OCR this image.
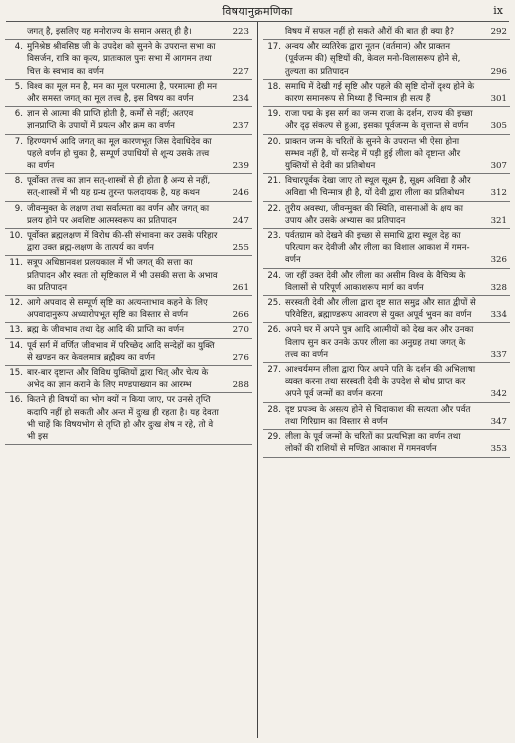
विषयानुक्रमणिका	ix
जगत् है, इसलिए यह मनोराज्य के समान असत् ही है।	223
4. मुनिश्रेष्ठ श्रीवसिष्ठ जी के उपदेश को सुनने के उपरान्त सभा का विसर्जन, रात्रि का कृत्य, प्रातःकाल पुनः सभा में आगमन तथा चित्त के स्वभाव का वर्णन	227
5. विश्व का मूल मन है, मन का मूल परमात्मा है, परमात्मा ही मन और समस्त जगत् का मूल तत्त्व है, इस विषय का वर्णन	234
6. ज्ञान से आत्मा की प्राप्ति होती है, कर्मों से नहीं; अतएव ज्ञानप्राप्ति के उपायों में प्रयत्न और क्रम का वर्णन	237
7. हिरण्यगर्भ आदि जगत् का मूल कारणभूत जिस देवाधिदेव का पहले वर्णन हो चुका है, सम्पूर्ण उपाधियों से शून्य उसके तत्त्व का वर्णन	239
8. पूर्वोक्त तत्त्व का ज्ञान सत्-शास्त्रों से ही होता है अन्य से नहीं, सत्-शास्त्रों में भी यह ग्रन्थ तुरन्त फलदायक है, यह कथन	246
9. जीवन्मुक्त के लक्षण तथा सर्वात्मता का वर्णन और जगत् का प्रलय होने पर अवशिष्ट आत्मस्वरूप का प्रतिपादन	247
10. पूर्वोक्त ब्रह्मलक्षण में विरोध की-सी संभावना कर उसके परिहार द्वारा उक्त ब्रह्म-लक्षण के तात्पर्य का वर्णन	255
11. सत्रूप अधिष्ठानवश प्रलयकाल में भी जगत् की सत्ता का प्रतिपादन और स्वतः तो सृष्टिकाल में भी उसकी सत्ता के अभाव का प्रतिपादन	261
12. आगे अपवाद से सम्पूर्ण सृष्टि का अत्यन्ताभाव कहने के लिए अपवादानुरूप अध्यारोपभूत सृष्टि का विस्तार से वर्णन	266
13. ब्रह्म के जीवभाव तथा देह आदि की प्राप्ति का वर्णन	270
14. पूर्व सर्ग में वर्णित जीवभाव में परिच्छेद आदि सन्देहों का युक्ति से खण्डन कर केवलमात्र ब्रह्मैक्य का वर्णन	276
15. बार-बार दृष्टान्त और विविध युक्तियों द्वारा चित् और चेत्य के अभेद का ज्ञान कराने के लिए मण्डपाख्यान का आरम्भ	288
16. कितने ही विषयों का भोग क्यों न किया जाए, पर उनसे तृप्ति कदापि नहीं हो सकती और अन्त में दुःख ही रहता है। यह देवता भी चाहें कि विषयभोग से तृप्ति हो और दुःख शेष न रहे, तो वे भी इस
विषय में सफल नहीं हो सकते औरों की बात ही क्या है?	292
17. अन्वय और व्यतिरेक द्वारा नूतन (वर्तमान) और प्राक्तन (पूर्वजन्म की) सृष्टियों की, केवल मनो-विलासरूप होने से, तुल्यता का प्रतिपादन	296
18. समाधि में देखी गई सृष्टि और पहले की सृष्टि दोनों दृश्य होने के कारण समानरूप से मिथ्या हैं चिन्मात्र ही सत्य हैं	301
19. राजा पद्म के इस सर्ग का जन्म राजा के दर्शन, राज्य की इच्छा और दृढ़ संकल्प से हुआ, इसका पूर्वजन्म के वृत्तान्त से वर्णन	305
20. प्राक्तन जन्म के चरितों के सुनने के उपरान्त भी ऐसा होना सम्भव नहीं है, यों सन्देह में पड़ी हुई लीला को दृष्टान्त और युक्तियों से देवी का प्रतिबोधन	307
21. विचारपूर्वक देखा जाए तो स्थूल सूक्ष्म है, सूक्ष्म अविद्या है और अविद्या भी चिन्मात्र ही है, यों देवी द्वारा लीला का प्रतिबोधन	312
22. तुरीय अवस्था, जीवन्मुक्त की स्थिति, वासनाओं के क्षय का उपाय और उसके अभ्यास का प्रतिपादन	321
23. पर्वतग्राम को देखने की इच्छा से समाधि द्वारा स्थूल देह का परित्याग कर देवीजी और लीला का विशाल आकाश में गमन-वर्णन	326
24. जा रहीं उक्त देवी और लीला का असीम विश्व के वैचित्र्य के विलासों से परिपूर्ण आकाशरूप मार्ग का वर्णन	328
25. सरस्वती देवी और लीला द्वारा दृष्ट सात समुद्र और सात द्वीपों से परिवेष्टित, ब्रह्माण्डरूप आवरण से युक्त अपूर्व भुवन का वर्णन	334
26. अपने घर में अपने पुत्र आदि आत्मीयों को देख कर और उनका विलाप सुन कर उनके ऊपर लीला का अनुग्रह तथा जगत् के तत्त्व का वर्णन	337
27. आश्चर्यमग्न लीला द्वारा फिर अपने पति के दर्शन की अभिलाषा व्यक्त करना तथा सरस्वती देवी के उपदेश से बोध प्राप्त कर अपने पूर्व जन्मों का वर्णन करना	342
28. दृष्ट प्रपञ्च के असत्य होने से चिदाकाश की सत्यता और पर्वत तथा गिरिग्राम का विस्तार से वर्णन	347
29. लीला के पूर्व जन्मों के चरितों का प्रत्यभिज्ञा का वर्णन तथा लोकों की राशियों से मण्डित आकाश में गमनवर्णन	353
